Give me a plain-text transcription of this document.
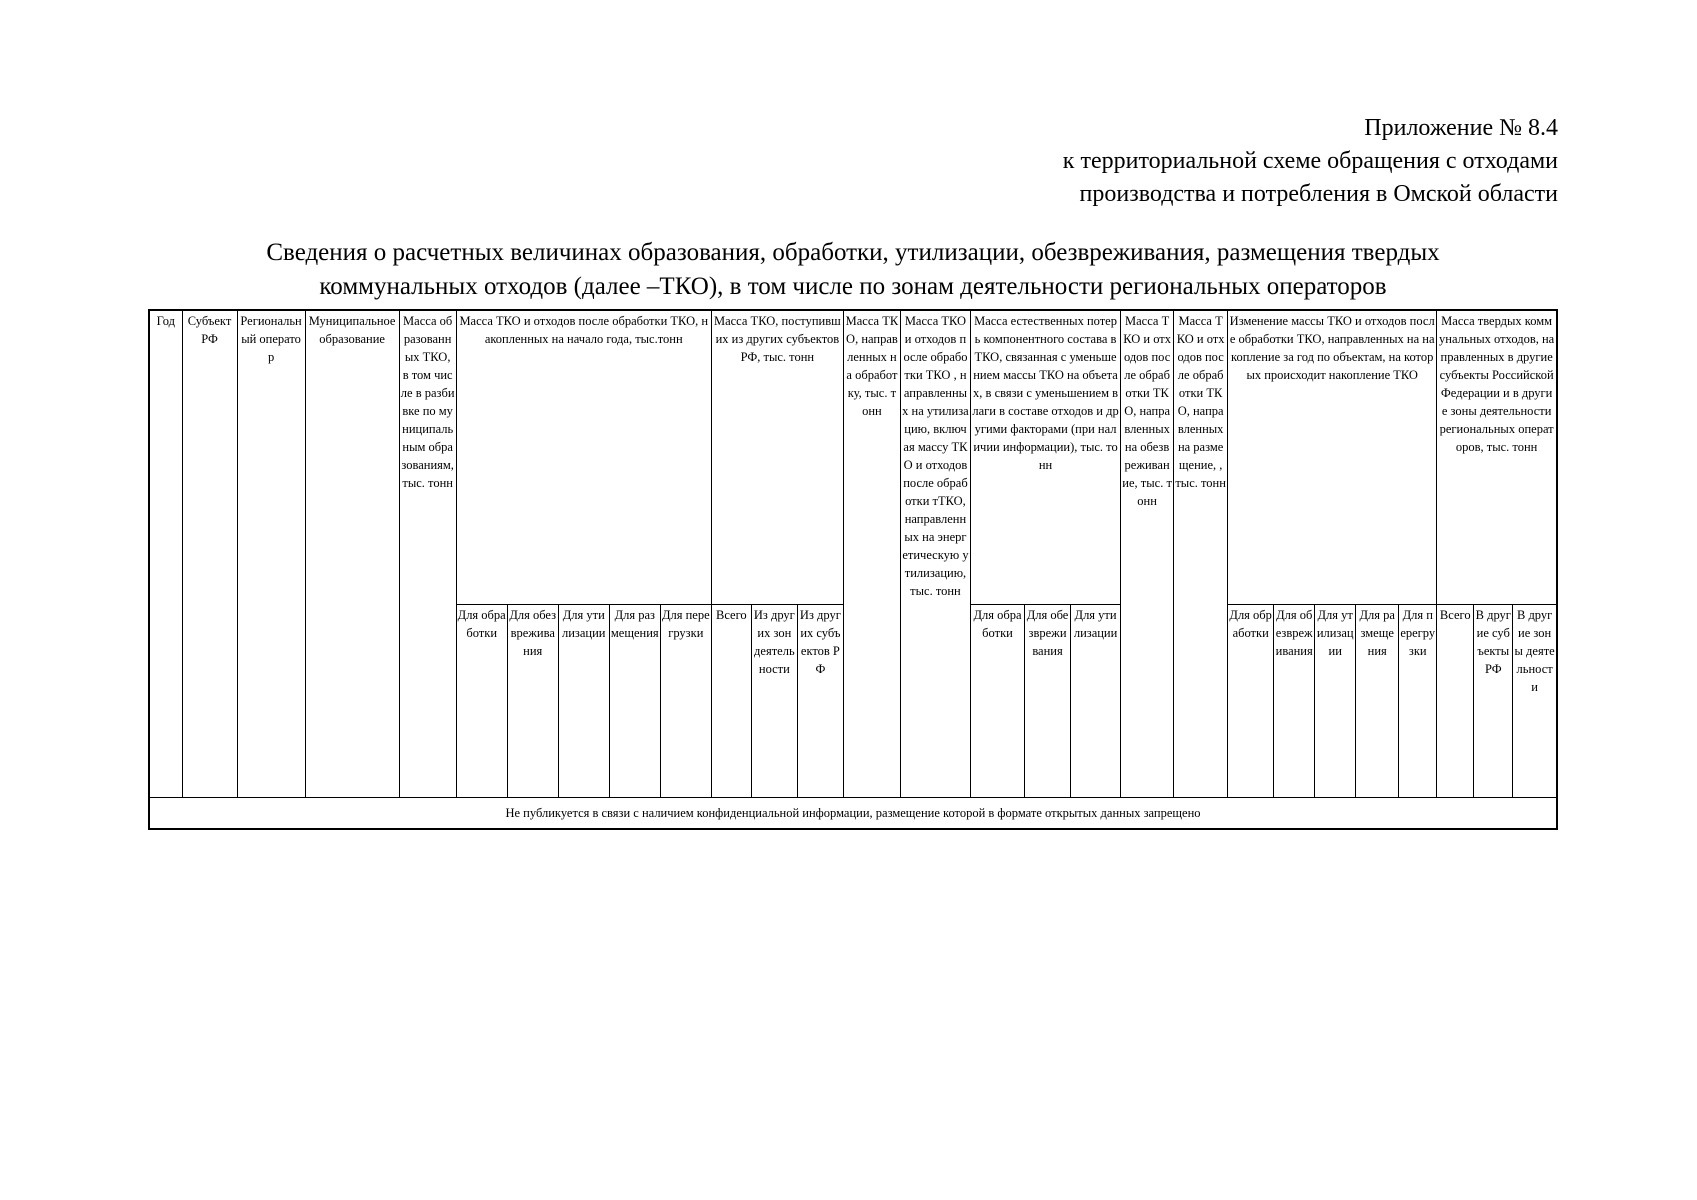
Приложение № 8.4
к территориальной схеме обращения с отходами
производства и потребления в Омской области
Сведения о расчетных величинах образования, обработки, утилизации, обезвреживания, размещения твердых
коммунальных отходов (далее –ТКО), в том числе по зонам деятельности региональных операторов
Год	Субъект РФ	Региональный оператор	Муниципальное образование	Масса образованных ТКО, в том числе в разбивке по муниципальным образованиям, тыс. тонн	Масса ТКО и отходов после обработки ТКО, накопленных на начало года, тыс.тонн					Масса ТКО, поступивших из других субъектов РФ, тыс. тонн			Масса ТКО, направленных на обработку, тыс. тонн	Масса ТКО и отходов после обработки ТКО , направленных на утилизацию, включая массу ТКО и отходов после обработки тТКО, направленных на энергетическую утилизацию, тыс. тонн	Масса естественных потерь компонентного состава в ТКО, связанная с уменьшением массы ТКО на объетах, в связи с уменьшением влаги в составе отходов и другими факторами (при наличии информации), тыс. тонн			Масса ТКО и отходов после обработки ТКО, направленных на обезвреживание, тыс. тонн	Масса ТКО и отходов после обработки ТКО, направленных на размещение, , тыс. тонн	Изменение массы ТКО и отходов после обработки ТКО, направленных на накопление за год по объектам, на которых происходит накопление ТКО					Масса твердых коммунальных отходов, направленных в другие субъекты Российской Федерации и в другие зоны деятельности региональных операторов, тыс. тонн		
					Для обработки	Для обезвреживания	Для утилизации	Для размещения	Для перегрузки	Всего	Из других зон деятельности	Из других субъектов РФ			Для обработки	Для обезвреживания	Для утилизации			Для обработки	Для обезвреживания	Для утилизации	Для размещения	Для перегрузки	Всего	В другие субъекты РФ	В другие зоны деятельности
Не публикуется в связи с наличием конфиденциальной информации, размещение которой в формате открытых данных запрещено																											
